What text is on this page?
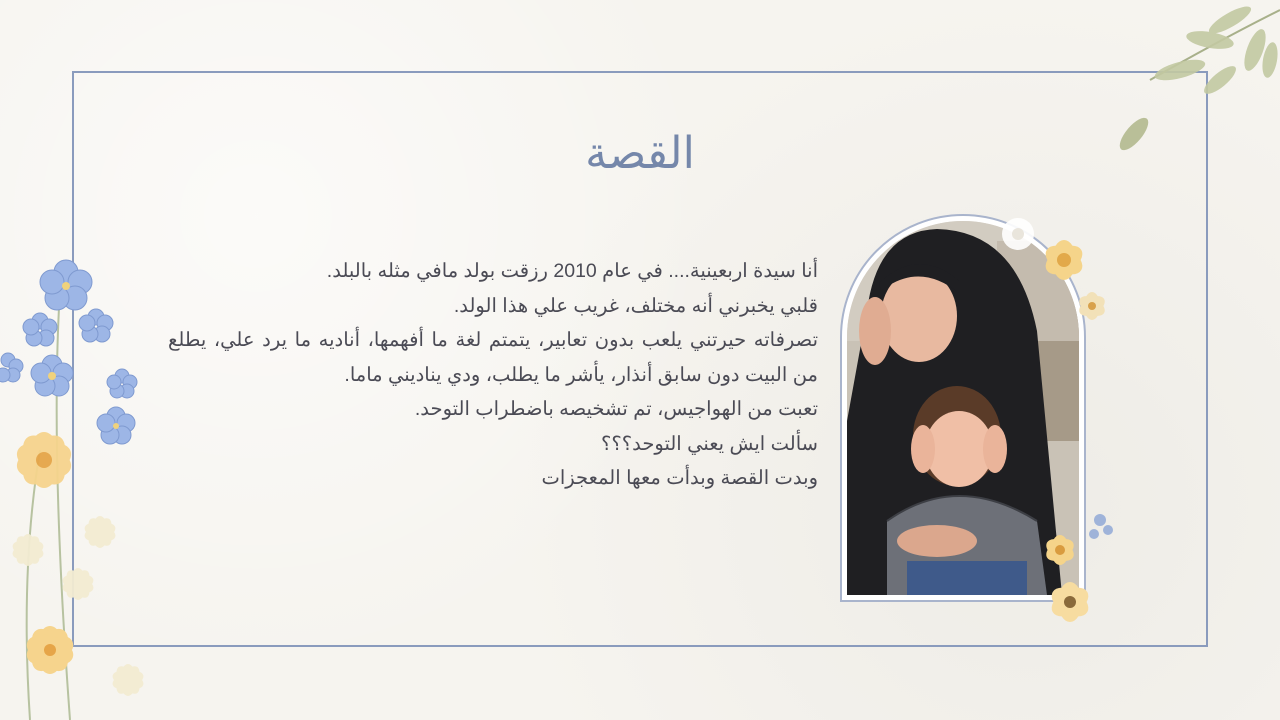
القصة

أنا سيدة اربعينية.... في عام 2010 رزقت بولد مافي مثله بالبلد.

قلبي يخبرني أنه مختلف، غريب علي هذا الولد.

تصرفاته حيرتني يلعب بدون تعابير، يتمتم لغة ما أفهمها، أناديه ما يرد علي، يطلع من البيت دون سابق أنذار، يأشر ما يطلب، ودي يناديني ماما.

تعبت من الهواجيس، تم تشخيصه باضطراب التوحد.

سألت ايش يعني التوحد؟؟؟

وبدت القصة وبدأت معها المعجزات
